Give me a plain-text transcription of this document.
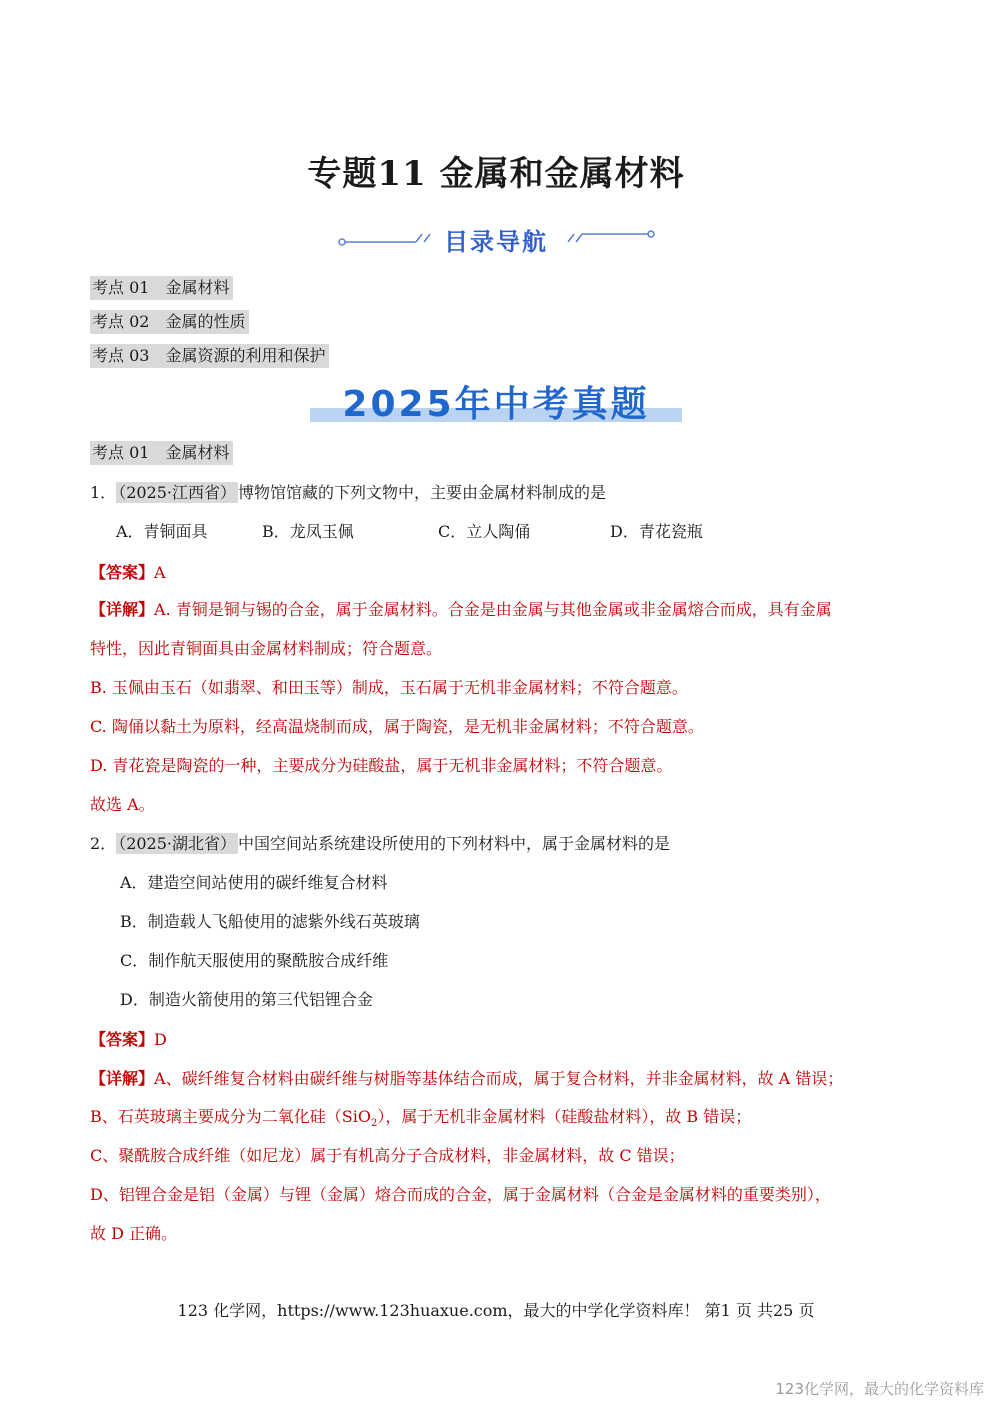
专题11 金属和金属材料
目录导航
考点 01 金属材料
考点 02 金属的性质
考点 03 金属资源的利用和保护
2025年中考真题
考点 01 金属材料
1． （2025·江西省） 博物馆馆藏的下列文物中，主要由金属材料制成的是
A．青铜面具	B．龙凤玉佩	C．立人陶俑	D．青花瓷瓶
【答案】A
【详解】A. 青铜是铜与锡的合金，属于金属材料。合金是由金属与其他金属或非金属熔合而成，具有金属
特性，因此青铜面具由金属材料制成；符合题意。
B. 玉佩由玉石（如翡翠、和田玉等）制成，玉石属于无机非金属材料；不符合题意。
C. 陶俑以黏土为原料，经高温烧制而成，属于陶瓷，是无机非金属材料；不符合题意。
D. 青花瓷是陶瓷的一种，主要成分为硅酸盐，属于无机非金属材料；不符合题意。
故选 A。
2． （2025·湖北省） 中国空间站系统建设所使用的下列材料中，属于金属材料的是
A．建造空间站使用的碳纤维复合材料
B．制造载人飞船使用的滤紫外线石英玻璃
C．制作航天服使用的聚酰胺合成纤维
D．制造火箭使用的第三代铝锂合金
【答案】D
【详解】A、碳纤维复合材料由碳纤维与树脂等基体结合而成，属于复合材料，并非金属材料，故 A 错误；
B、石英玻璃主要成分为二氧化硅（SiO$_2$），属于无机非金属材料（硅酸盐材料），故 B 错误；
C、聚酰胺合成纤维（如尼龙）属于有机高分子合成材料，非金属材料，故 C 错误；
D、铝锂合金是铝（金属）与锂（金属）熔合而成的合金，属于金属材料（合金是金属材料的重要类别），
故 D 正确。
123 化学网，https://www.123huaxue.com，最大的中学化学资料库！ 第1 页 共25 页
123化学网，最大的化学资料库
